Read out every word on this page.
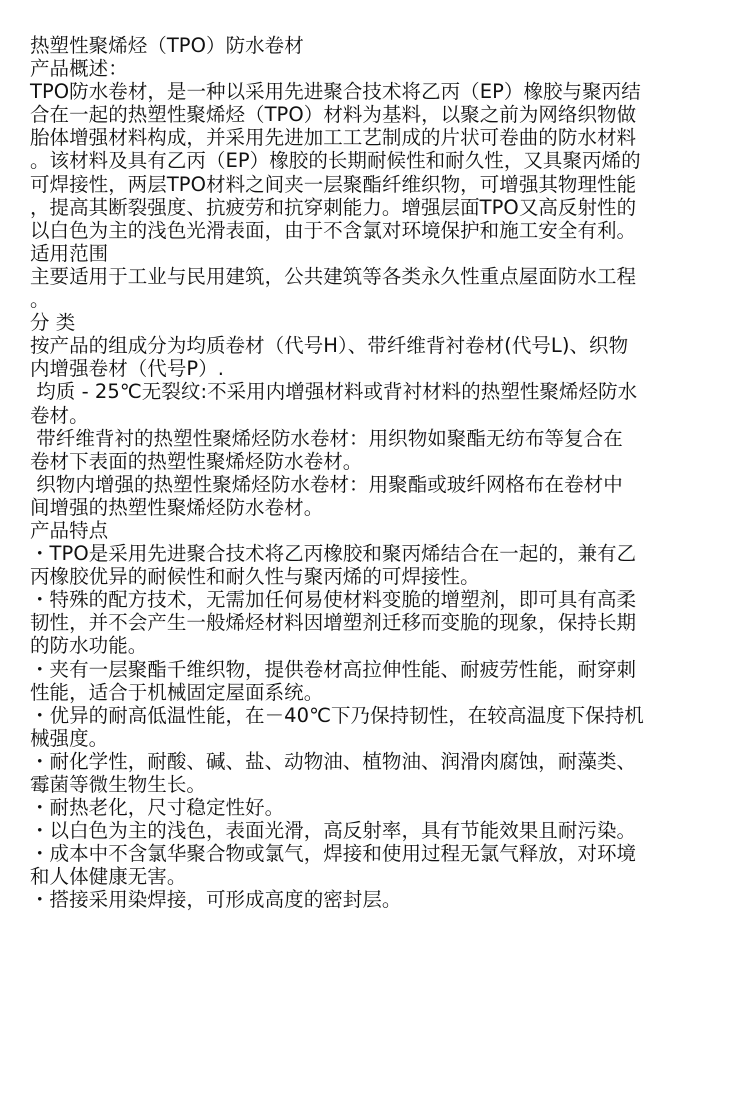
热塑性聚烯烃（TPO）防水卷材
产品概述：
TPO防水卷材，是一种以采用先进聚合技术将乙丙（EP）橡胶与聚丙结
合在一起的热塑性聚烯烃（TPO）材料为基料，以聚之前为网络织物做
胎体增强材料构成，并采用先进加工工艺制成的片状可卷曲的防水材料
。该材料及具有乙丙（EP）橡胶的长期耐候性和耐久性，又具聚丙烯的
可焊接性，两层TPO材料之间夹一层聚酯纤维织物，可增强其物理性能
，提高其断裂强度、抗疲劳和抗穿刺能力。增强层面TPO又高反射性的
以白色为主的浅色光滑表面，由于不含氯对环境保护和施工安全有利。
适用范围
主要适用于工业与民用建筑，公共建筑等各类永久性重点屋面防水工程
。
分 类
按产品的组成分为均质卷材（代号H）、带纤维背衬卷材(代号L)、织物
内增强卷材（代号P）.
均质 - 25℃无裂纹:不采用内增强材料或背衬材料的热塑性聚烯烃防水
卷材。
带纤维背衬的热塑性聚烯烃防水卷材：用织物如聚酯无纺布等复合在
卷材下表面的热塑性聚烯烃防水卷材。
织物内增强的热塑性聚烯烃防水卷材：用聚酯或玻纤网格布在卷材中
间增强的热塑性聚烯烃防水卷材。
产品特点
・TPO是采用先进聚合技术将乙丙橡胶和聚丙烯结合在一起的，兼有乙
丙橡胶优异的耐候性和耐久性与聚丙烯的可焊接性。
・特殊的配方技术，无需加任何易使材料变脆的增塑剂，即可具有高柔
韧性，并不会产生一般烯烃材料因增塑剂迁移而变脆的现象，保持长期
的防水功能。
・夹有一层聚酯千维织物，提供卷材高拉伸性能、耐疲劳性能，耐穿刺
性能，适合于机械固定屋面系统。
・优异的耐高低温性能，在－40℃下乃保持韧性，在较高温度下保持机
械强度。
・耐化学性，耐酸、碱、盐、动物油、植物油、润滑肉腐蚀，耐藻类、
霉菌等微生物生长。
・耐热老化，尺寸稳定性好。
・以白色为主的浅色，表面光滑，高反射率，具有节能效果且耐污染。
・成本中不含氯华聚合物或氯气，焊接和使用过程无氯气释放，对环境
和人体健康无害。
・搭接采用染焊接，可形成高度的密封层。
